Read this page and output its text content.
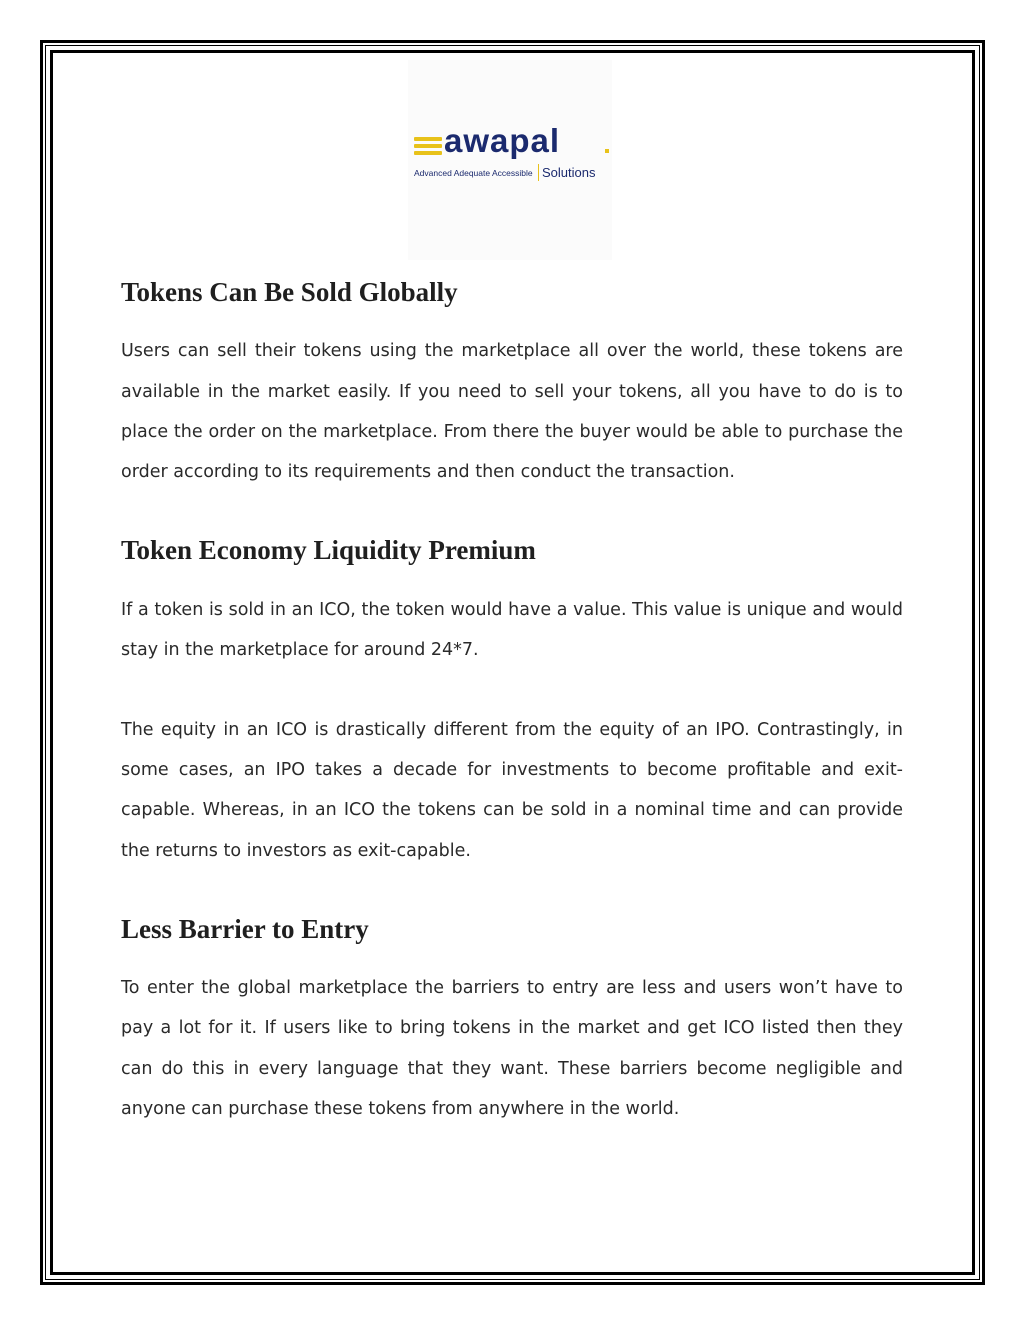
awapal
Advanced Adequate Accessible Solutions
Tokens Can Be Sold Globally

Users can sell their tokens using the marketplace all over the world, these tokens are available in the market easily. If you need to sell your tokens, all you have to do is to place the order on the marketplace. From there the buyer would be able to purchase the order according to its requirements and then conduct the transaction.

Token Economy Liquidity Premium

If a token is sold in an ICO, the token would have a value. This value is unique and would stay in the marketplace for around 24*7.

The equity in an ICO is drastically different from the equity of an IPO. Contrastingly, in some cases, an IPO takes a decade for investments to become profitable and exit-capable. Whereas, in an ICO the tokens can be sold in a nominal time and can provide the returns to investors as exit-capable.

Less Barrier to Entry

To enter the global marketplace the barriers to entry are less and users won’t have to pay a lot for it. If users like to bring tokens in the market and get ICO listed then they can do this in every language that they want. These barriers become negligible and anyone can purchase these tokens from anywhere in the world.
